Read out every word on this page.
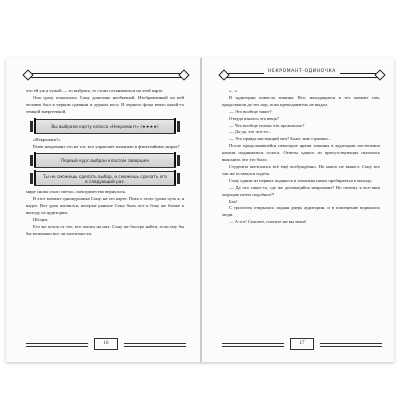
что ей уж я чужой — то выбрать, то стоит останавиться на этой карте.

Она сразу показалась Сону довольно необычной. Изображенный на ней человек был в черном одеянии и держал косу. И черного фона веяло какой-то темной энергетикой.

Вы выбрали карту класса «Некромант» (★★★★)

«Некромант!»

Разве некромант это не тот, кто управляет нежитью в фэнтезийных мирах?

Первый курс выбран классом завершен
Ты не сможешь сделать выбор, и сможешь сделать его в следующий раз.

мире снова стало светло, электричество вернулось.

В этот момент однокурсника Сону, на его карте. Пока о этого урока чуть я, я надел. Вот урок кончился, которые раньше Сону было все к боку же ближе к выходу из аудитории.

Шторм.

Его же поток от тех, кто пошел на них. Сону же быстро найти, если ему бы бы возможно все ли хаотичности.

16
НЕКРОМАНТ-ОДИНОЧКА

«...»

В аудитории повисла тишина. Все, находящиеся в тот момент там, продолжили до тех пор, пока преподаватель не выдал.

— Это вообще такое?

Откуда взялась эта вещь?

— Что вообще только что произошло?

— Да-да, это что-то...

— Это правда настоящий меч? Боже, мне страшно...

После продолжавшейся некоторое время тишины в аудитории постепенно начали подниматься голоса. Ответы одного из присутствующих пытались выяснить что это было.

Студенты шептались всё ещё возбуждённо. Но никто не вышел. Сону все так же оставался сидеть.

Сону одним из первых поднялся и тихонько начал пробираться к выходу.

— Да что такое-то, где же делающийся некромант? Но почему я все-таки ощущаю нечто подобное?!

Бах!

С грохотом открылась задняя дверь аудитории, и в помещение ворвались люди.

— А-а-а! Спасите, спасите же вы меня!

17
